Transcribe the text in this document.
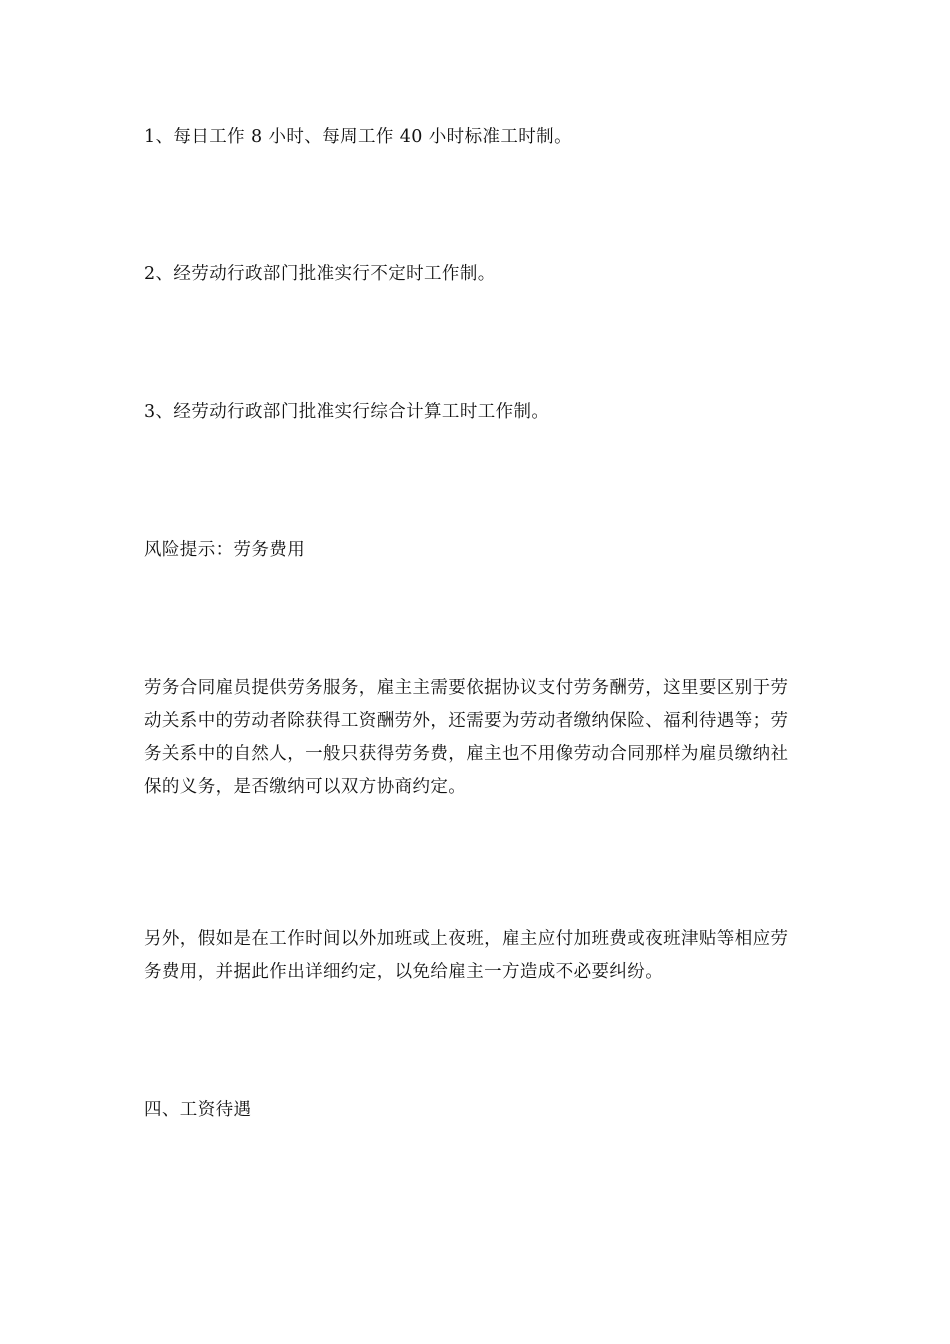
1、每日工作 8 小时、每周工作 40 小时标准工时制。

2、经劳动行政部门批准实行不定时工作制。

3、经劳动行政部门批准实行综合计算工时工作制。

风险提示：劳务费用

劳务合同雇员提供劳务服务，雇主主需要依据协议支付劳务酬劳，这里要区别于劳动关系中的劳动者除获得工资酬劳外，还需要为劳动者缴纳保险、福利待遇等；劳务关系中的自然人，一般只获得劳务费，雇主也不用像劳动合同那样为雇员缴纳社保的义务，是否缴纳可以双方协商约定。

另外，假如是在工作时间以外加班或上夜班，雇主应付加班费或夜班津贴等相应劳务费用，并据此作出详细约定，以免给雇主一方造成不必要纠纷。

四、工资待遇
